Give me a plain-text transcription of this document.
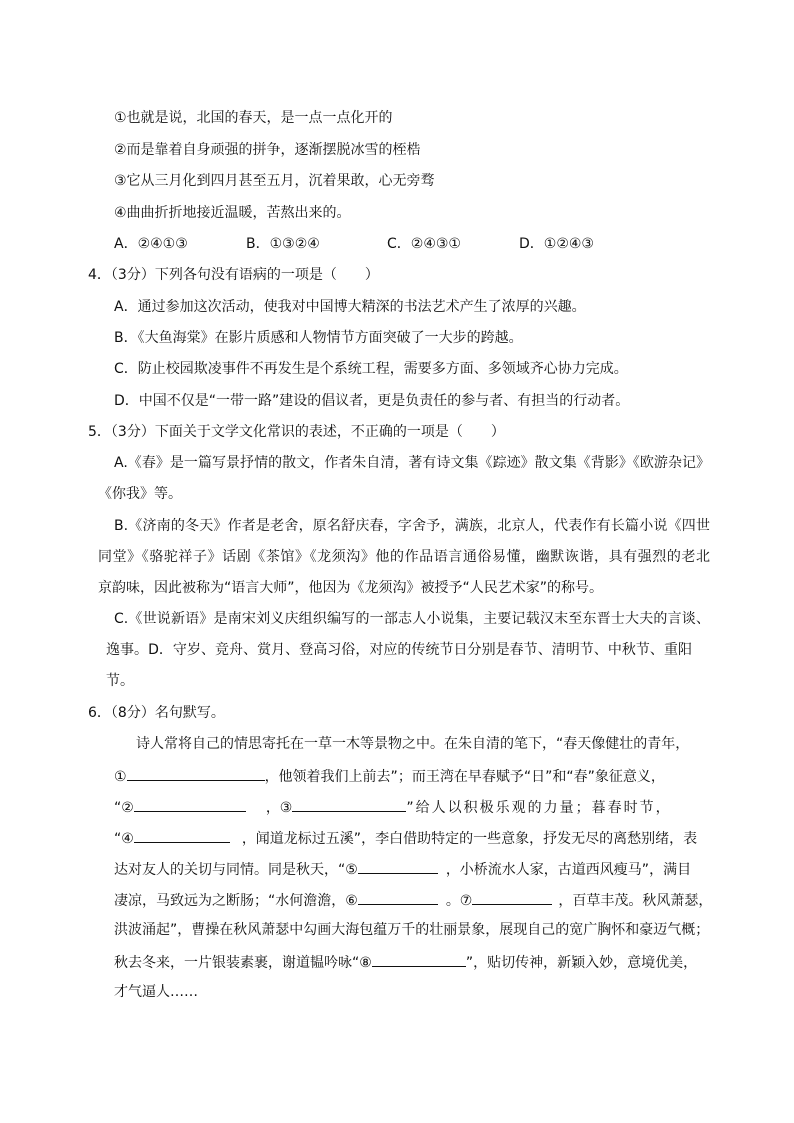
①也就是说，北国的春天，是一点一点化开的
②而是靠着自身顽强的拼争，逐渐摆脱冰雪的桎梏
③它从三月化到四月甚至五月，沉着果敢，心无旁骛
④曲曲折折地接近温暖，苦熬出来的。
A．②④①③	B．①③②④	C．②④③①	D．①②④③
4．（3分）下列各句没有语病的一项是（　　）
A．通过参加这次活动，使我对中国博大精深的书法艺术产生了浓厚的兴趣。
B．《大鱼海棠》在影片质感和人物情节方面突破了一大步的跨越。
C．防止校园欺凌事件不再发生是个系统工程，需要多方面、多领域齐心协力完成。
D．中国不仅是“一带一路”建设的倡议者，更是负责任的参与者、有担当的行动者。
5．（3分）下面关于文学文化常识的表述，不正确的一项是（　　）
A.《春》是一篇写景抒情的散文，作者朱自清，著有诗文集《踪迹》散文集《背影》《欧游杂记》
《你我》等。
B.《济南的冬天》作者是老舍，原名舒庆春，字舍予，满族，北京人，代表作有长篇小说《四世
同堂》《骆驼祥子》话剧《茶馆》《龙须沟》他的作品语言通俗易懂，幽默诙谐，具有强烈的老北
京韵味，因此被称为“语言大师”，他因为《龙须沟》被授予“人民艺术家”的称号。
C.《世说新语》是南宋刘义庆组织编写的一部志人小说集，主要记载汉末至东晋士大夫的言谈、
逸事。D．守岁、竞舟、赏月、登高习俗，对应的传统节日分别是春节、清明节、中秋节、重阳
节。
6．（8分）名句默写。
诗人常将自己的情思寄托在一草一木等景物之中。在朱自清的笔下，“春天像健壮的青年，
①	，他领着我们上前去”；而王湾在早春赋予“日”和“春”象征意义，
“②	，③	”给人以积极乐观的力量；暮春时节，
“④	，闻道龙标过五溪”，李白借助特定的一些意象，抒发无尽的离愁别绪，表
达对友人的关切与同情。同是秋天，“⑤	，小桥流水人家，古道西风瘦马”，满目
凄凉，马致远为之断肠；“水何澹澹，⑥	。⑦	，百草丰茂。秋风萧瑟，
洪波涌起”，曹操在秋风萧瑟中勾画大海包蕴万千的壮丽景象，展现自己的宽广胸怀和豪迈气概；
秋去冬来，一片银装素裹，谢道韫吟咏“⑧	”，贴切传神，新颖入妙，意境优美，
才气逼人……
